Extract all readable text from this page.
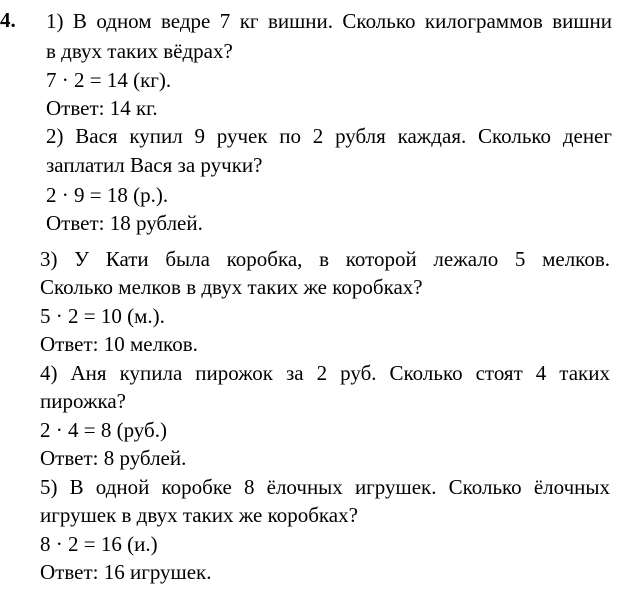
4. 1) В одном ведре 7 кг вишни. Сколько килограммов вишни
в двух таких вёдрах?
7 · 2 = 14 (кг).
Ответ: 14 кг.
2) Вася купил 9 ручек по 2 рубля каждая. Сколько денег
заплатил Вася за ручки?
2 · 9 = 18 (р.).
Ответ: 18 рублей.
3) У Кати была коробка, в которой лежало 5 мелков.
Сколько мелков в двух таких же коробках?
5 · 2 = 10 (м.).
Ответ: 10 мелков.
4) Аня купила пирожок за 2 руб. Сколько стоят 4 таких
пирожка?
2 · 4 = 8 (руб.)
Ответ: 8 рублей.
5) В одной коробке 8 ёлочных игрушек. Сколько ёлочных
игрушек в двух таких же коробках?
8 · 2 = 16 (и.)
Ответ: 16 игрушек.
